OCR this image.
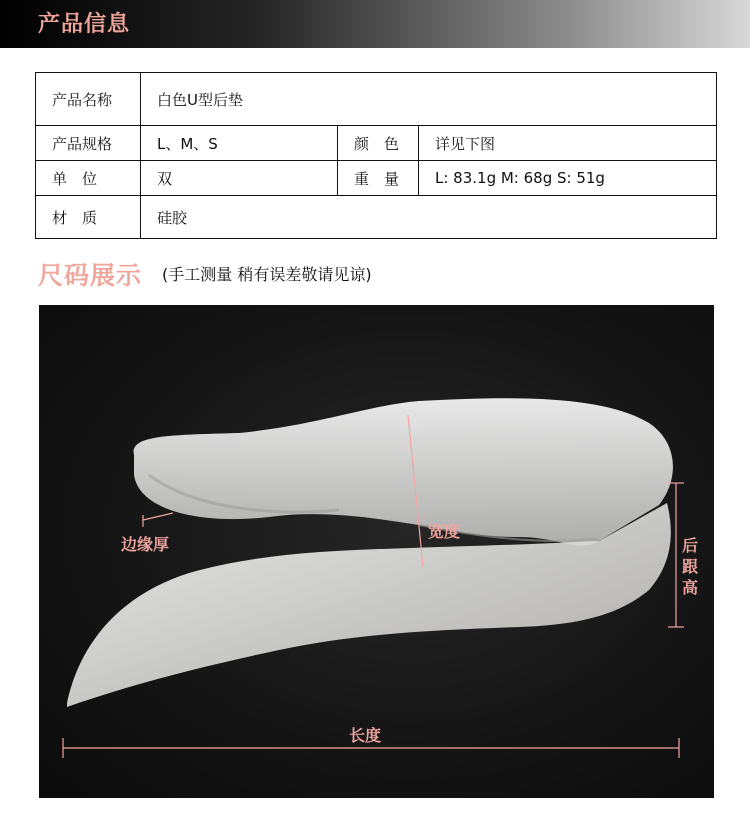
产品信息
产品名称	白色U型后垫		
产品规格	L、M、S	颜　色	详见下图
单　位	双	重　量	L: 83.1g M: 68g S: 51g
材　质	硅胶		
尺码展示 (手工测量 稍有误差敬请见谅)
边缘厚
宽度
后跟高
长度
